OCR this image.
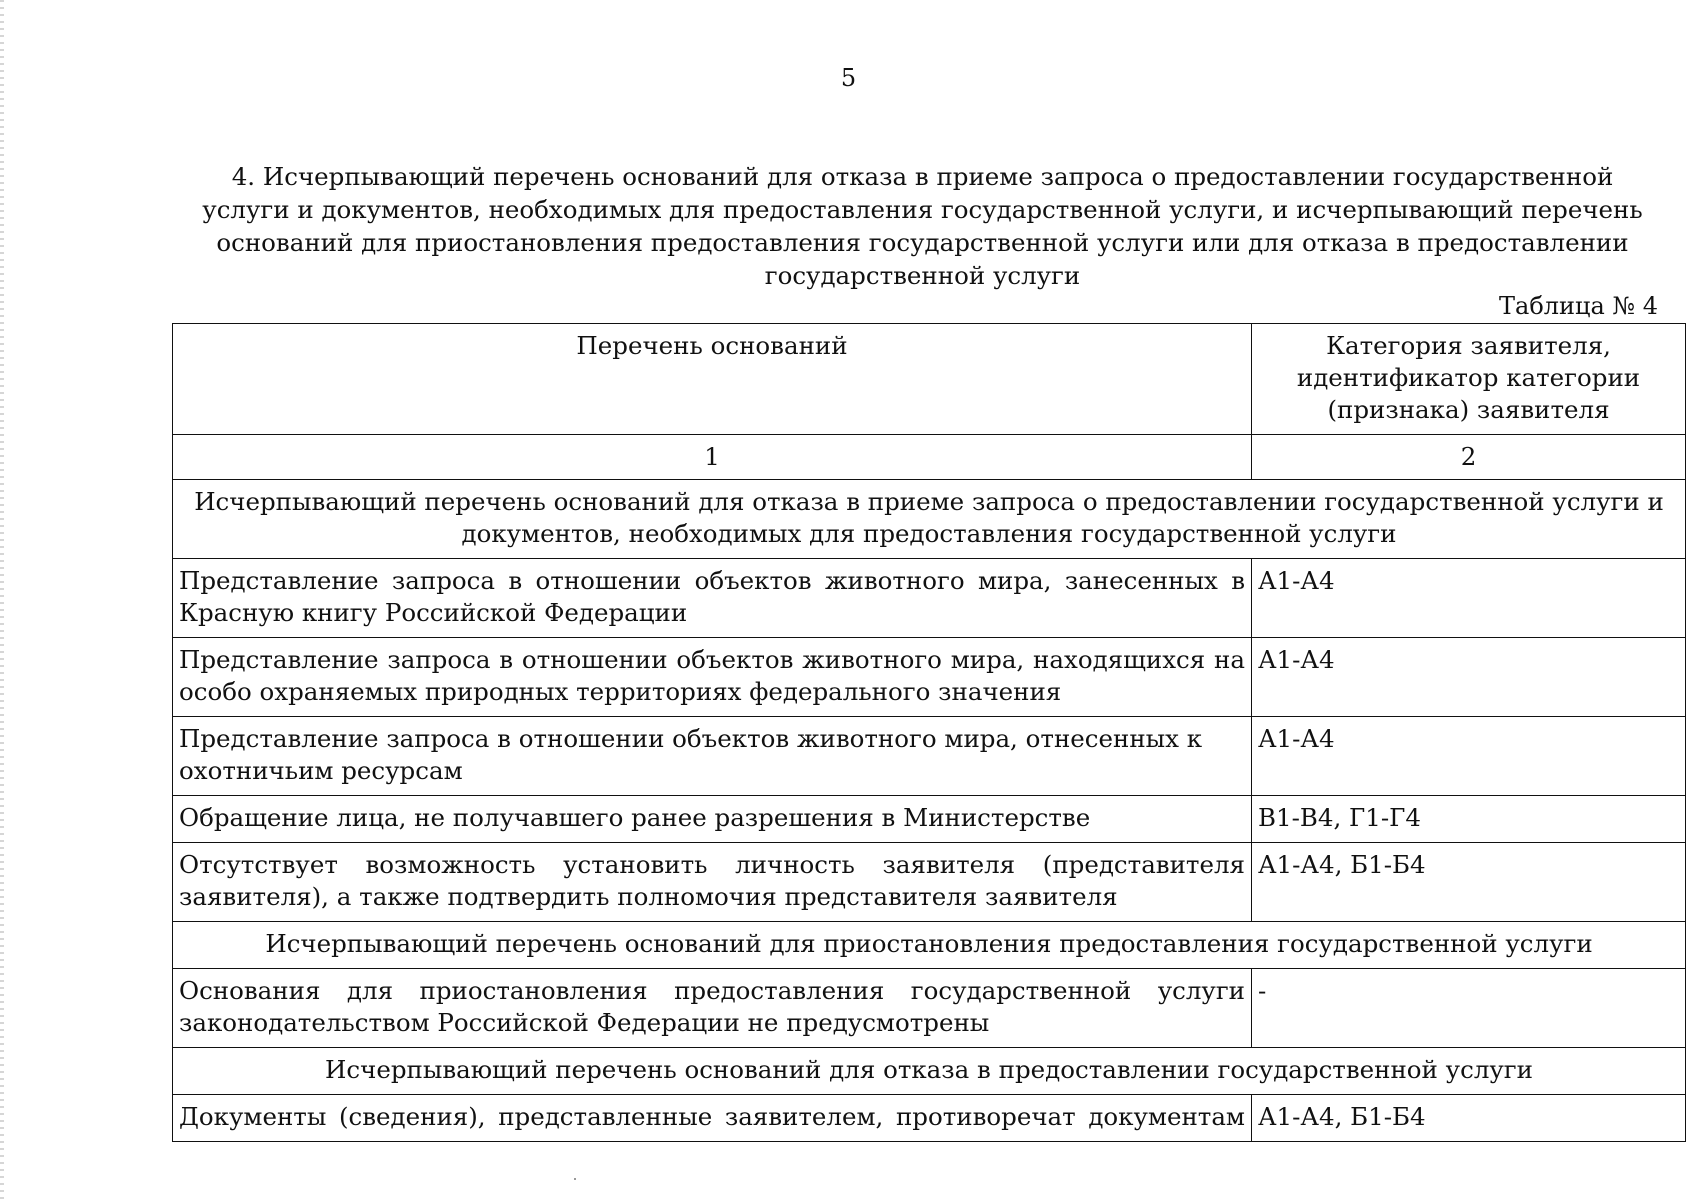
5
4. Исчерпывающий перечень оснований для отказа в приеме запроса о предоставлении государственной услуги и документов, необходимых для предоставления государственной услуги, и исчерпывающий перечень оснований для приостановления предоставления государственной услуги или для отказа в предоставлении государственной услуги
Таблица № 4
Перечень оснований	Категория заявителя, идентификатор категории (признака) заявителя
1	2
Исчерпывающий перечень оснований для отказа в приеме запроса о предоставлении государственной услуги и документов, необходимых для предоставления государственной услуги	
Представление запроса в отношении объектов животного мира, занесенных в Красную книгу Российской Федерации	А1-А4
Представление запроса в отношении объектов животного мира, находящихся на особо охраняемых природных территориях федерального значения	А1-А4
Представление запроса в отношении объектов животного мира, отнесенных к охотничьим ресурсам	А1-А4
Обращение лица, не получавшего ранее разрешения в Министерстве	В1-В4, Г1-Г4
Отсутствует возможность установить личность заявителя (представителя заявителя), а также подтвердить полномочия представителя заявителя	А1-А4, Б1-Б4
Исчерпывающий перечень оснований для приостановления предоставления государственной услуги	
Основания для приостановления предоставления государственной услуги законодательством Российской Федерации не предусмотрены	-
Исчерпывающий перечень оснований для отказа в предоставлении государственной услуги	
Документы (сведения), представленные заявителем, противоречат документам	А1-А4, Б1-Б4
